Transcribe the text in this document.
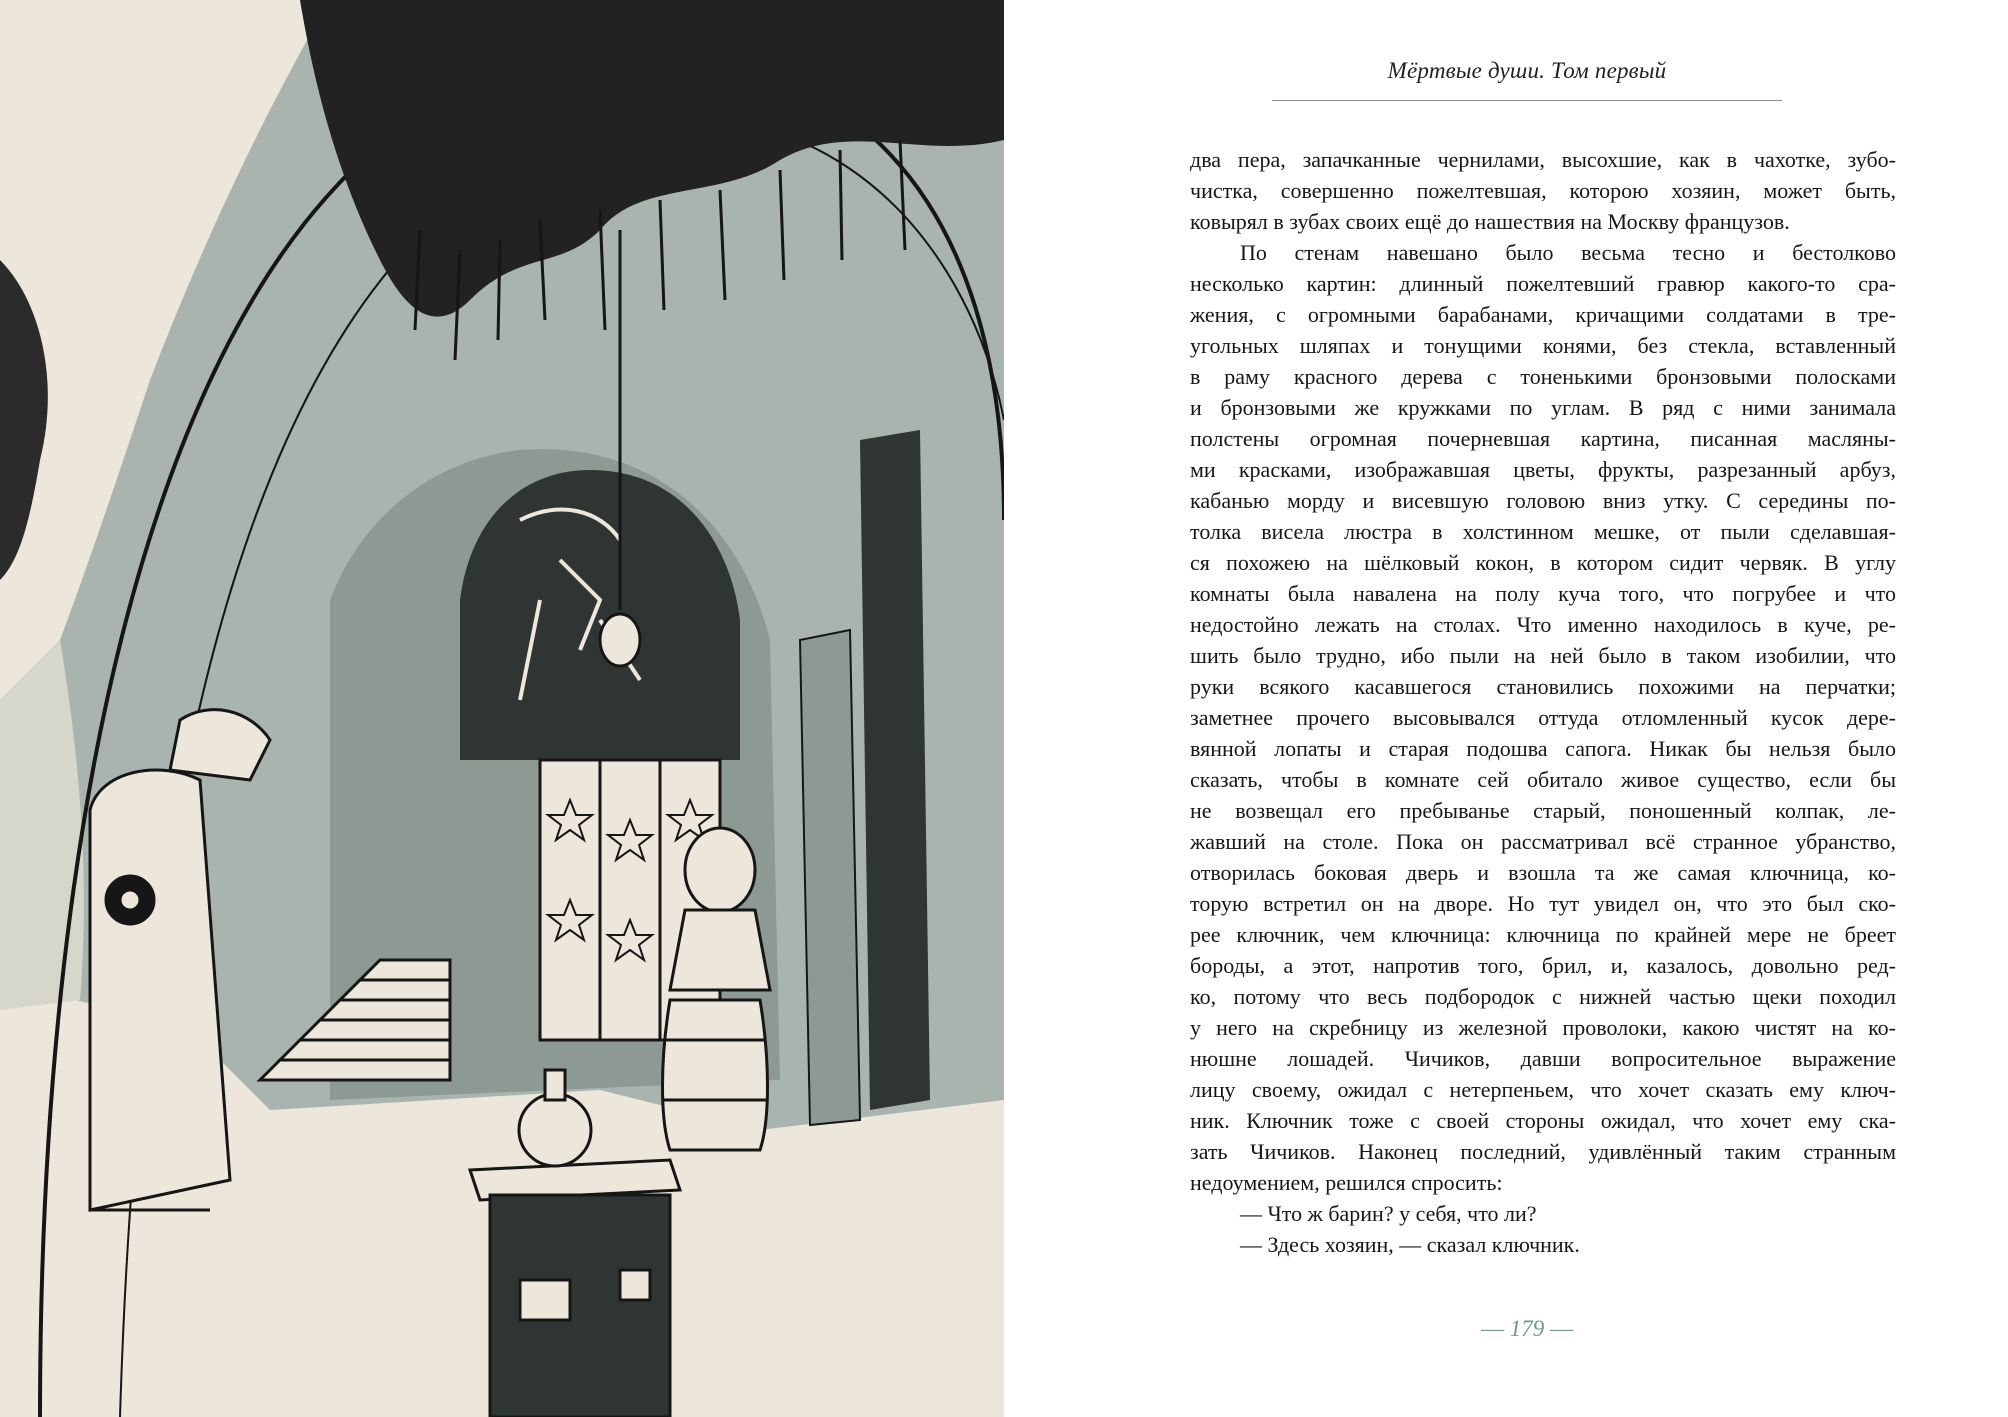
Мёртвые души. Том первый
два пера, запачканные чернилами, высохшие, как в чахотке, зубо-
чистка, совершенно пожелтевшая, которою хозяин, может быть,
ковырял в зубах своих ещё до нашествия на Москву французов.
По стенам навешано было весьма тесно и бестолково
несколько картин: длинный пожелтевший гравюр какого-то сра-
жения, с огромными барабанами, кричащими солдатами в тре-
угольных шляпах и тонущими конями, без стекла, вставленный
в раму красного дерева с тоненькими бронзовыми полосками
и бронзовыми же кружками по углам. В ряд с ними занимала
полстены огромная почерневшая картина, писанная масляны-
ми красками, изображавшая цветы, фрукты, разрезанный арбуз,
кабанью морду и висевшую головою вниз утку. С середины по-
толка висела люстра в холстинном мешке, от пыли сделавшая-
ся похожею на шёлковый кокон, в котором сидит червяк. В углу
комнаты была навалена на полу куча того, что погрубее и что
недостойно лежать на столах. Что именно находилось в куче, ре-
шить было трудно, ибо пыли на ней было в таком изобилии, что
руки всякого касавшегося становились похожими на перчатки;
заметнее прочего высовывался оттуда отломленный кусок дере-
вянной лопаты и старая подошва сапога. Никак бы нельзя было
сказать, чтобы в комнате сей обитало живое существо, если бы
не возвещал его пребыванье старый, поношенный колпак, ле-
жавший на столе. Пока он рассматривал всё странное убранство,
отворилась боковая дверь и взошла та же самая ключница, ко-
торую встретил он на дворе. Но тут увидел он, что это был ско-
рее ключник, чем ключница: ключница по крайней мере не бреет
бороды, а этот, напротив того, брил, и, казалось, довольно ред-
ко, потому что весь подбородок с нижней частью щеки походил
у него на скребницу из железной проволоки, какою чистят на ко-
нюшне лошадей. Чичиков, давши вопросительное выражение
лицу своему, ожидал с нетерпеньем, что хочет сказать ему ключ-
ник. Ключник тоже с своей стороны ожидал, что хочет ему ска-
зать Чичиков. Наконец последний, удивлённый таким странным
недоумением, решился спросить:
— Что ж барин? у себя, что ли?
— Здесь хозяин, — сказал ключник.
— 179 —
